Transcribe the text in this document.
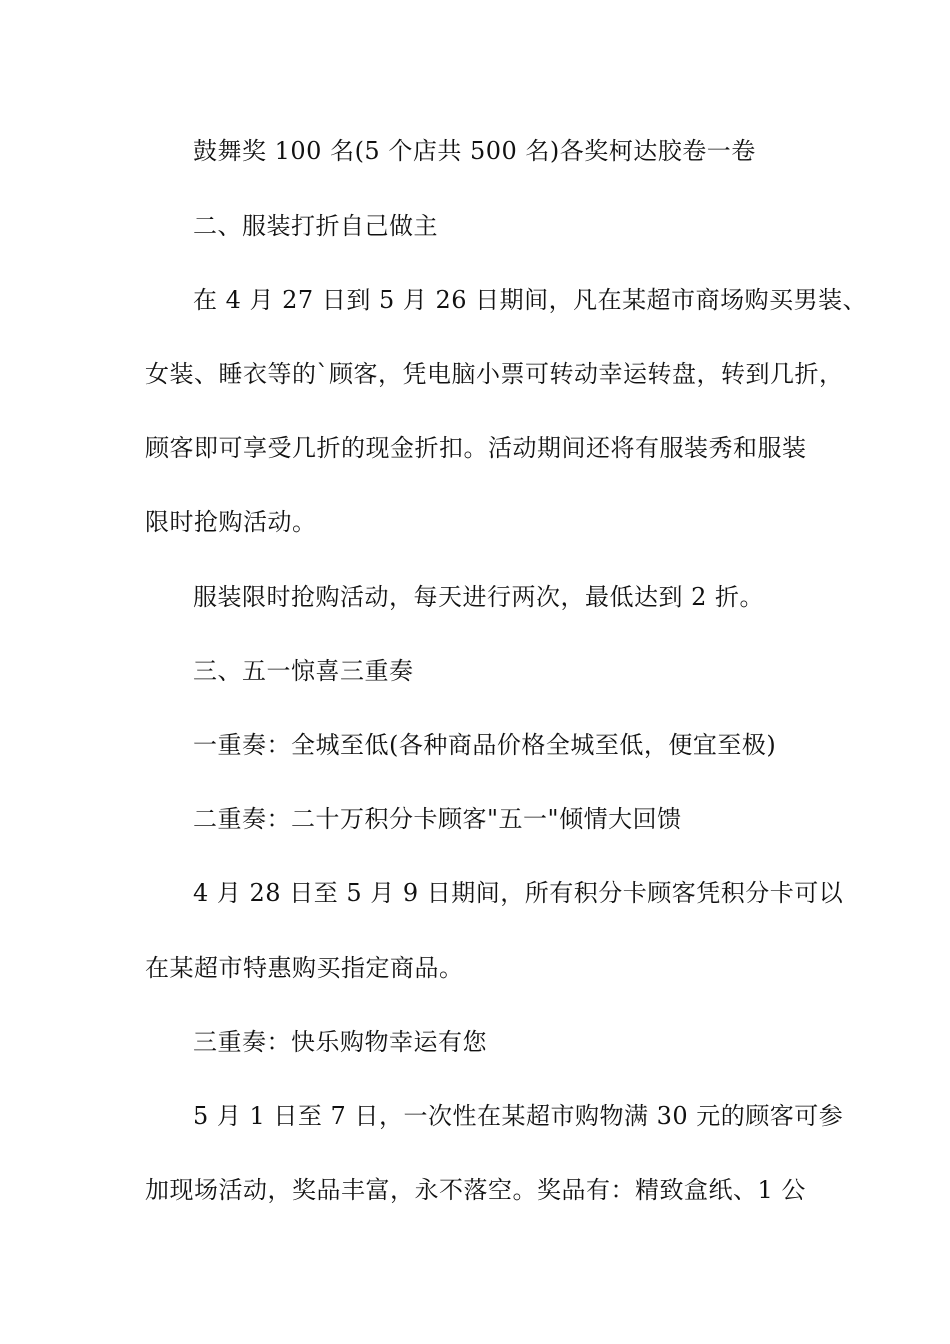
鼓舞奖 100 名(5 个店共 500 名)各奖柯达胶卷一卷
二、服装打折自己做主
在 4 月 27 日到 5 月 26 日期间，凡在某超市商场购买男装、
女装、睡衣等的`顾客，凭电脑小票可转动幸运转盘，转到几折，
顾客即可享受几折的现金折扣。活动期间还将有服装秀和服装
限时抢购活动。
服装限时抢购活动，每天进行两次，最低达到 2 折。
三、五一惊喜三重奏
一重奏：全城至低(各种商品价格全城至低，便宜至极)
二重奏：二十万积分卡顾客"五一"倾情大回馈
4 月 28 日至 5 月 9 日期间，所有积分卡顾客凭积分卡可以
在某超市特惠购买指定商品。
三重奏：快乐购物幸运有您
5 月 1 日至 7 日，一次性在某超市购物满 30 元的顾客可参
加现场活动，奖品丰富，永不落空。奖品有：精致盒纸、1 公
